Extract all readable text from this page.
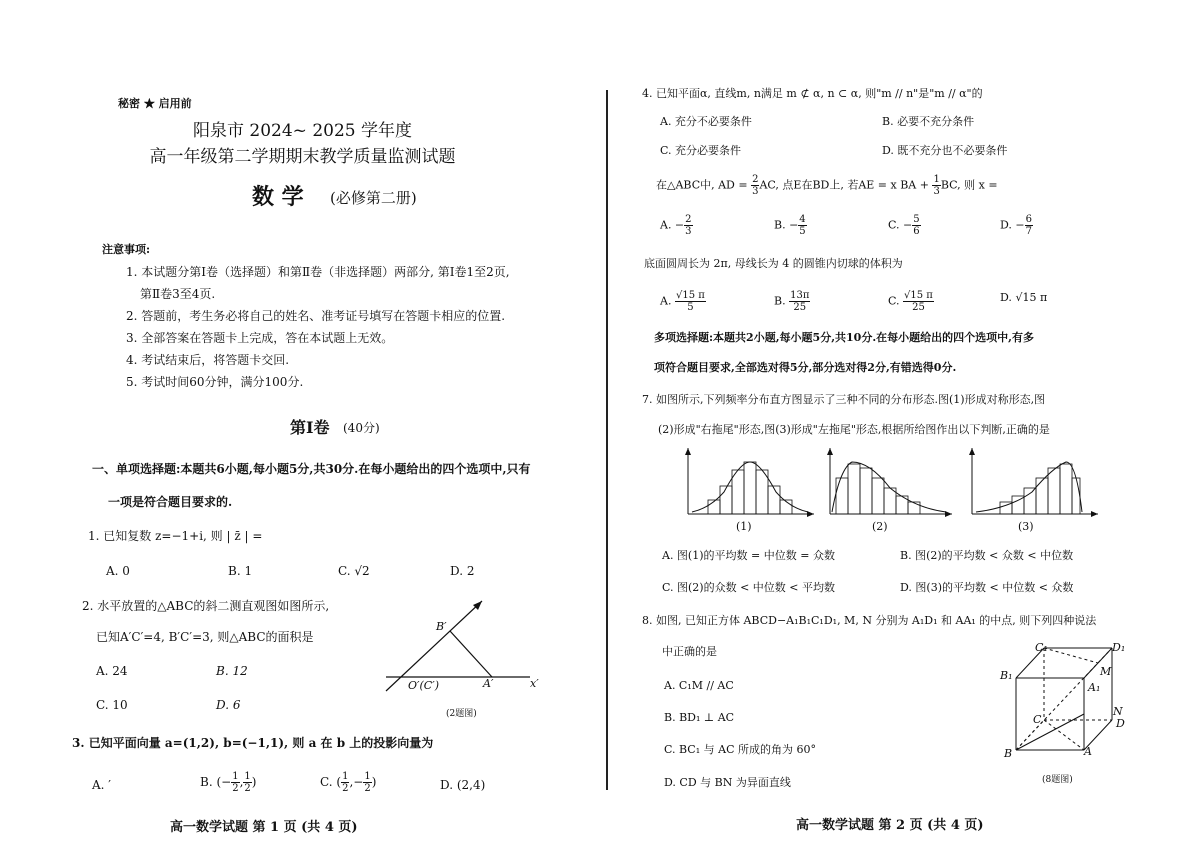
秘密 ★ 启用前
阳泉市 2024~ 2025 学年度
高一年级第二学期期末教学质量监测试题
数 学 (必修第二册)
注意事项:
1. 本试题分第Ⅰ卷（选择题）和第Ⅱ卷（非选择题）两部分, 第Ⅰ卷1至2页,
第Ⅱ卷3至4页.
2. 答题前，考生务必将自己的姓名、准考证号填写在答题卡相应的位置.
3. 全部答案在答题卡上完成，答在本试题上无效。
4. 考试结束后，将答题卡交回.
5. 考试时间60分钟，满分100分.
第Ⅰ卷 (40分)
一、单项选择题:本题共6小题,每小题5分,共30分.在每小题给出的四个选项中,只有
一项是符合题目要求的.
1. 已知复数 z=−1+i, 则 | z̄ | =
A. 0	B. 1	C. √2	D. 2
2. 水平放置的△ABC的斜二测直观图如图所示,
已知A′C′=4, B′C′=3, 则△ABC的面积是
A. 24	B. 12
C. 10	D. 6
B′
O′(C′)	A′	x′
(2题图)
3. 已知平面向量 a=(1,2), b=(−1,1), 则 a 在 b 上的投影向量为
A. ′	B. (− $\frac{1}{2}$ , $\frac{1}{2}$ )	C. ( $\frac{1}{2}$ ,− $\frac{1}{2}$ )	D. (2,4)
高一数学试题 第 1 页 (共 4 页)
4. 已知平面α, 直线m, n满足 m ⊄ α, n ⊂ α, 则"m // n"是"m // α"的
A. 充分不必要条件	B. 必要不充分条件
C. 充分必要条件	D. 既不充分也不必要条件
在△ABC中, AD = $\frac{2}{3}$ AC, 点E在BD上, 若AE = x BA + $\frac{1}{3}$ BC, 则 x =
A. − $\frac{2}{3}$	B. − $\frac{4}{5}$	C. − $\frac{5}{6}$	D. − $\frac{6}{7}$
底面圆周长为 2π, 母线长为 4 的圆锥内切球的体积为
A. $\frac{√15 \pi}{5}$	B. $\frac{13\pi}{25}$	C. $\frac{√15 \pi}{25}$	D. √15 π
多项选择题:本题共2小题,每小题5分,共10分.在每小题给出的四个选项中,有多
项符合题目要求,全部选对得5分,部分选对得2分,有错选得0分.
7. 如图所示,下列频率分布直方图显示了三种不同的分布形态.图(1)形成对称形态,图
(2)形成"右拖尾"形态,图(3)形成"左拖尾"形态,根据所给图作出以下判断,正确的是
(1)	(2)	(3)
A. 图(1)的平均数 = 中位数 = 众数	B. 图(2)的平均数 < 众数 < 中位数
C. 图(2)的众数 < 中位数 < 平均数	D. 图(3)的平均数 < 中位数 < 众数
8. 如图, 已知正方体 ABCD−A₁B₁C₁D₁, M, N 分别为 A₁D₁ 和 AA₁ 的中点, 则下列四种说法
中正确的是
A. C₁M // AC
B. BD₁ ⊥ AC
C. BC₁ 与 AC 所成的角为 60°
D. CD 与 BN 为异面直线
C₁	D₁
B₁
A₁
M
N
C	D
B	A
(8题图)
高一数学试题 第 2 页 (共 4 页)
